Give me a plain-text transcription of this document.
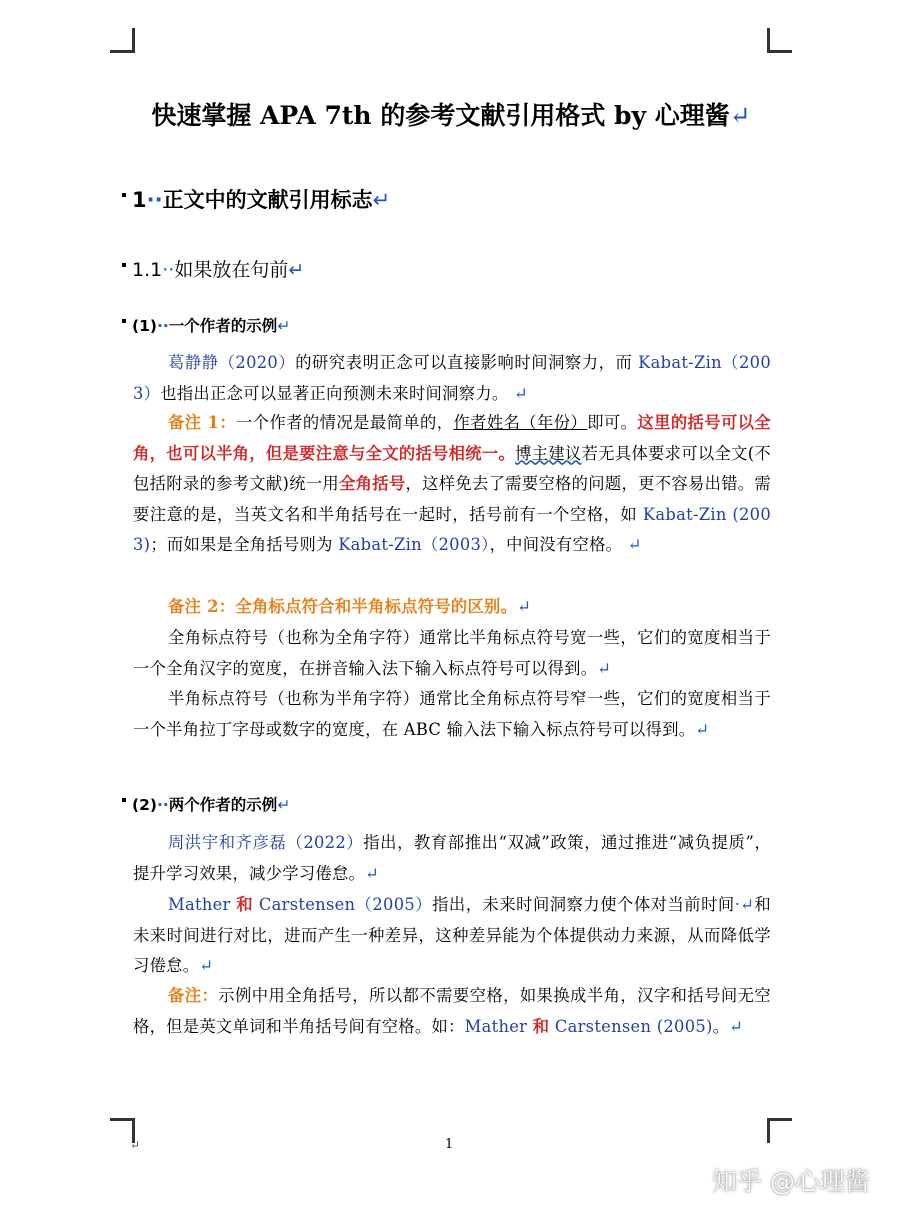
快速掌握 APA 7th 的参考文献引用格式 by 心理酱↵
1··正文中的文献引用标志↵
1.1··如果放在句前↵
(1)··一个作者的示例↵
葛静静（2020）的研究表明正念可以直接影响时间洞察力，而 Kabat-Zin（2003）也指出正念可以显著正向预测未来时间洞察力。 ↵
备注 1：一个作者的情况是最简单的，作者姓名（年份）即可。这里的括号可以全角，也可以半角，但是要注意与全文的括号相统一。博主建议若无具体要求可以全文(不包括附录的参考文献)统一用全角括号，这样免去了需要空格的问题，更不容易出错。需要注意的是，当英文名和半角括号在一起时，括号前有一个空格，如 Kabat-Zin (2003)；而如果是全角括号则为 Kabat-Zin（2003），中间没有空格。 ↵
备注 2：全角标点符合和半角标点符号的区别。↵
全角标点符号（也称为全角字符）通常比半角标点符号宽一些，它们的宽度相当于一个全角汉字的宽度，在拼音输入法下输入标点符号可以得到。↵
半角标点符号（也称为半角字符）通常比全角标点符号窄一些，它们的宽度相当于一个半角拉丁字母或数字的宽度，在 ABC 输入法下输入标点符号可以得到。↵
(2)··两个作者的示例↵
周洪宇和齐彦磊（2022）指出，教育部推出“双减”政策，通过推进“减负提质”，提升学习效果，减少学习倦怠。↵
Mather 和 Carstensen（2005）指出，未来时间洞察力使个体对当前时间·↵和未来时间进行对比，进而产生一种差异，这种差异能为个体提供动力来源，从而降低学习倦怠。↵
备注：示例中用全角括号，所以都不需要空格，如果换成半角，汉字和括号间无空格，但是英文单词和半角括号间有空格。如：Mather 和 Carstensen (2005)。↵
↵	1
知乎 @心理酱
